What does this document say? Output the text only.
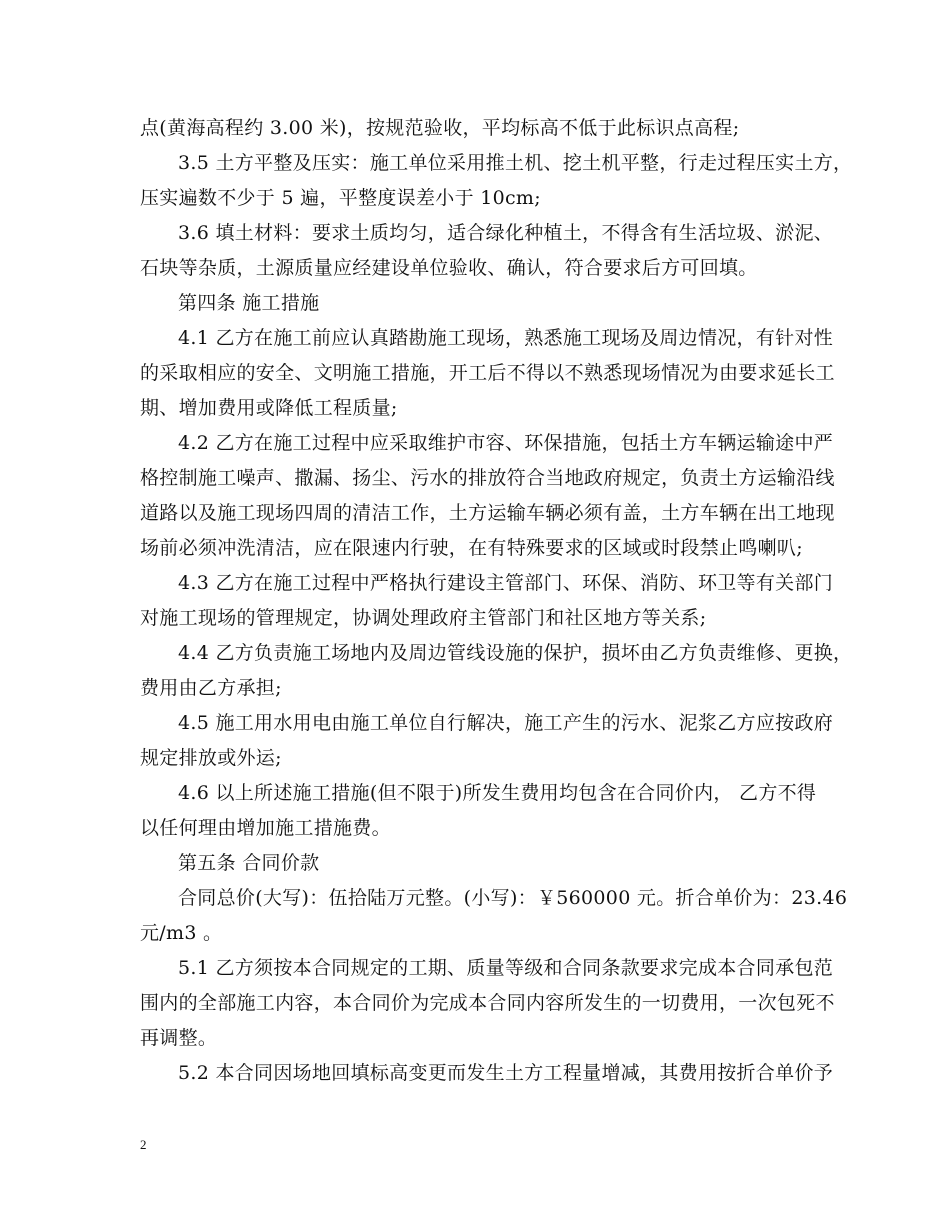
点(黄海高程约 3.00 米)，按规范验收，平均标高不低于此标识点高程;
3.5 土方平整及压实：施工单位采用推土机、挖土机平整，行走过程压实土方，
压实遍数不少于 5 遍，平整度误差小于 10cm;
3.6 填土材料：要求土质均匀，适合绿化种植土，不得含有生活垃圾、淤泥、
石块等杂质，土源质量应经建设单位验收、确认，符合要求后方可回填。
第四条 施工措施
4.1 乙方在施工前应认真踏勘施工现场，熟悉施工现场及周边情况，有针对性
的采取相应的安全、文明施工措施，开工后不得以不熟悉现场情况为由要求延长工
期、增加费用或降低工程质量;
4.2 乙方在施工过程中应采取维护市容、环保措施，包括土方车辆运输途中严
格控制施工噪声、撒漏、扬尘、污水的排放符合当地政府规定，负责土方运输沿线
道路以及施工现场四周的清洁工作，土方运输车辆必须有盖，土方车辆在出工地现
场前必须冲洗清洁，应在限速内行驶，在有特殊要求的区域或时段禁止鸣喇叭;
4.3 乙方在施工过程中严格执行建设主管部门、环保、消防、环卫等有关部门
对施工现场的管理规定，协调处理政府主管部门和社区地方等关系;
4.4 乙方负责施工场地内及周边管线设施的保护，损坏由乙方负责维修、更换，
费用由乙方承担;
4.5 施工用水用电由施工单位自行解决，施工产生的污水、泥浆乙方应按政府
规定排放或外运;
4.6 以上所述施工措施(但不限于)所发生费用均包含在合同价内， 乙方不得
以任何理由增加施工措施费。
第五条 合同价款
合同总价(大写)：伍拾陆万元整。(小写)：￥560000 元。折合单价为：23.46
元/m3 。
5.1 乙方须按本合同规定的工期、质量等级和合同条款要求完成本合同承包范
围内的全部施工内容，本合同价为完成本合同内容所发生的一切费用，一次包死不
再调整。
5.2 本合同因场地回填标高变更而发生土方工程量增减，其费用按折合单价予
2
